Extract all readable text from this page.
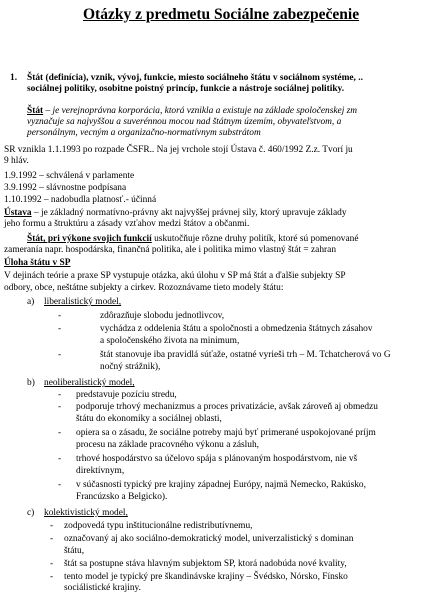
Otázky z predmetu Sociálne zabezpečenie
1. Štát (definícia), vznik, vývoj, funkcie, miesto sociálneho štátu v sociálnom systéme, ..
sociálnej politiky, osobitne poistný princíp, funkcie a nástroje sociálnej politiky.
Štát – je verejnoprávna korporácia, ktorá vznikla a existuje na základe spoločenskej zm
vyznačuje sa najvyššou a suverénnou mocou nad štátnym územím, obyvateľstvom, a
personálnym, vecným a organizačno-normatívnym substrátom
SR vznikla 1.1.1993 po rozpade ČSFR.. Na jej vrchole stojí Ústava č. 460/1992 Z.z. Tvorí ju
9 hláv.
1.9.1992 – schválená v parlamente
3.9.1992 – slávnostne podpísana
1.10.1992 – nadobudla platnosť.- účinná
Ústava – je základný normatívno-právny akt najvyššej právnej sily, ktorý upravuje základy
jeho formu a štruktúru a zásady vzťahov medzi štátov a občanmi.
Štát, pri výkone svojich funkcií uskutočňuje rôzne druhy politík, ktoré sú pomenované
zameranía napr. hospodárska, finančná politika, ale i politika mimo vlastný štát = zahran
Úloha štátu v SP
V dejinách teórie a praxe SP vystupuje otázka, akú úlohu v SP má štát a ďalšie subjekty SP
odbory, obce, neštátne subjekty a cirkev. Rozoznávame tieto modely štátu:
a) liberalistický model,
-	zdôrazňuje slobodu jednotlivcov,
-	vychádza z oddelenia štátu a spoločnosti a obmedzenia štátnych zásahov
a spoločenského života na minimum,
-	štát stanovuje iba pravidlá súťaže, ostatné vyrieši trh – M. Tchatcherová vo G
nočný strážnik),
b) neoliberalistický model,
- predstavuje pozíciu stredu,
- podporuje trhový mechanizmus a proces privatizácie, avšak zároveň aj obmedzu
štátu do ekonomiky a sociálnej oblasti,
- opiera sa o zásadu, že sociálne potreby majú byť primerané uspokojované príjm
procesu na základe pracovného výkonu a zásluh,
- trhové hospodárstvo sa účelovo spája s plánovaným hospodárstvom, nie vš
direktívnym,
- v súčasnosti typický pre krajiny západnej Európy, najmä Nemecko, Rakúsko,
Francúzsko a Belgicko).
c) kolektivistický model,
- zodpovedá typu inštitucionálne redistributívnemu,
- označovaný aj ako sociálno-demokratický model, univerzalistický s dominan
štátu,
- štát sa postupne stáva hlavným subjektom SP, ktorá nadobúda nové kvality,
- tento model je typický pre škandinávske krajiny – Švédsko, Nórsko, Fínsko
sociálistické krajiny.
